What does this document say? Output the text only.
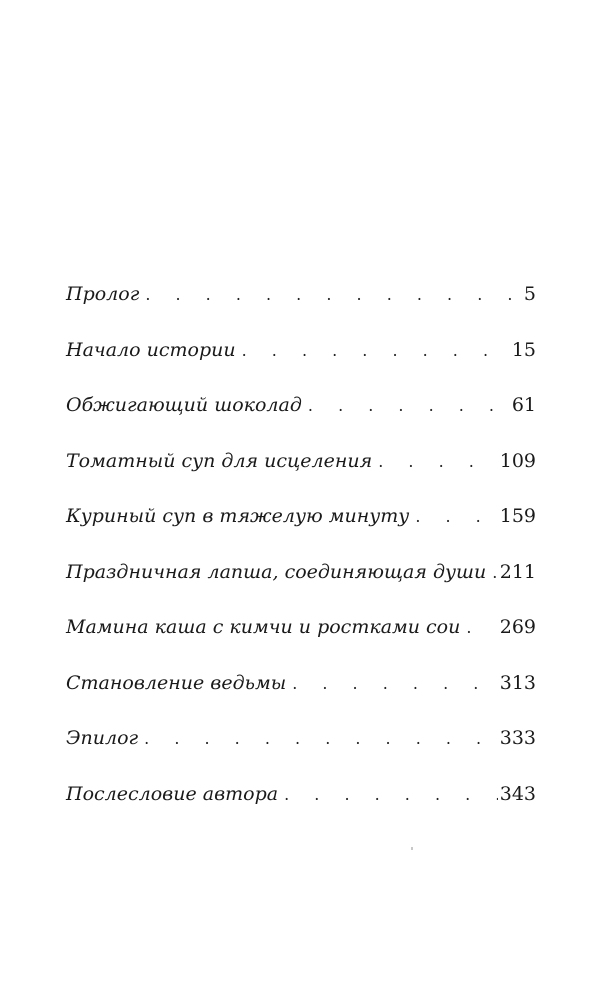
Пролог . . .	5
Начало истории . . .	15
Обжигающий шоколад . . .	61
Томатный суп для исцеления . . .	109
Куриный суп в тяжелую минуту . . .	159
Праздничная лапша, соединяющая души . . . 211
Мамина каша с кимчи и ростками сои . . .	269
Становление ведьмы . . .	313
Эпилог . . .	333
Послесловие автора . . .	343
